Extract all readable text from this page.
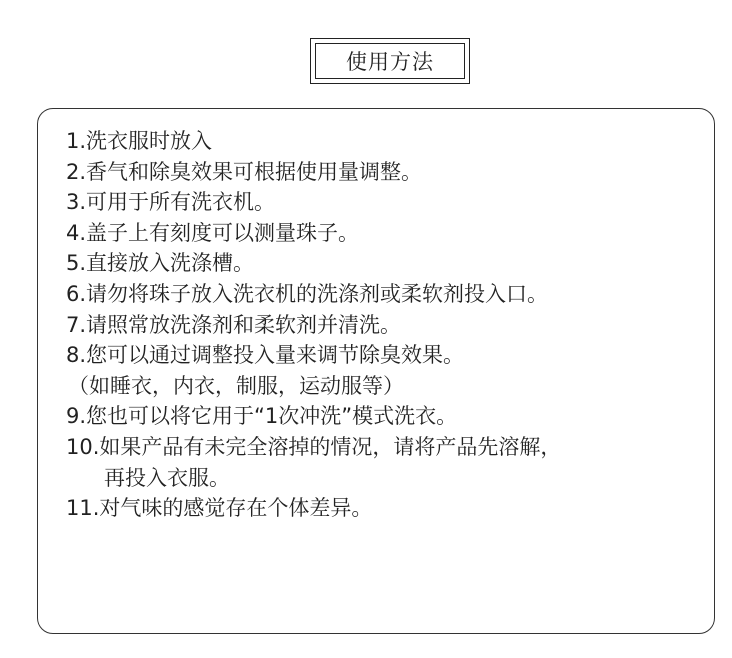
使用方法
1.洗衣服时放入
2.香气和除臭效果可根据使用量调整。
3.可用于所有洗衣机。
4.盖子上有刻度可以测量珠子。
5.直接放入洗涤槽。
6.请勿将珠子放入洗衣机的洗涤剂或柔软剂投入口。
7.请照常放洗涤剂和柔软剂并清洗。
8.您可以通过调整投入量来调节除臭效果。
（如睡衣，内衣，制服，运动服等）
9.您也可以将它用于“1次冲洗”模式洗衣。
10.如果产品有未完全溶掉的情况，请将产品先溶解，
再投入衣服。
11.对气味的感觉存在个体差异。
